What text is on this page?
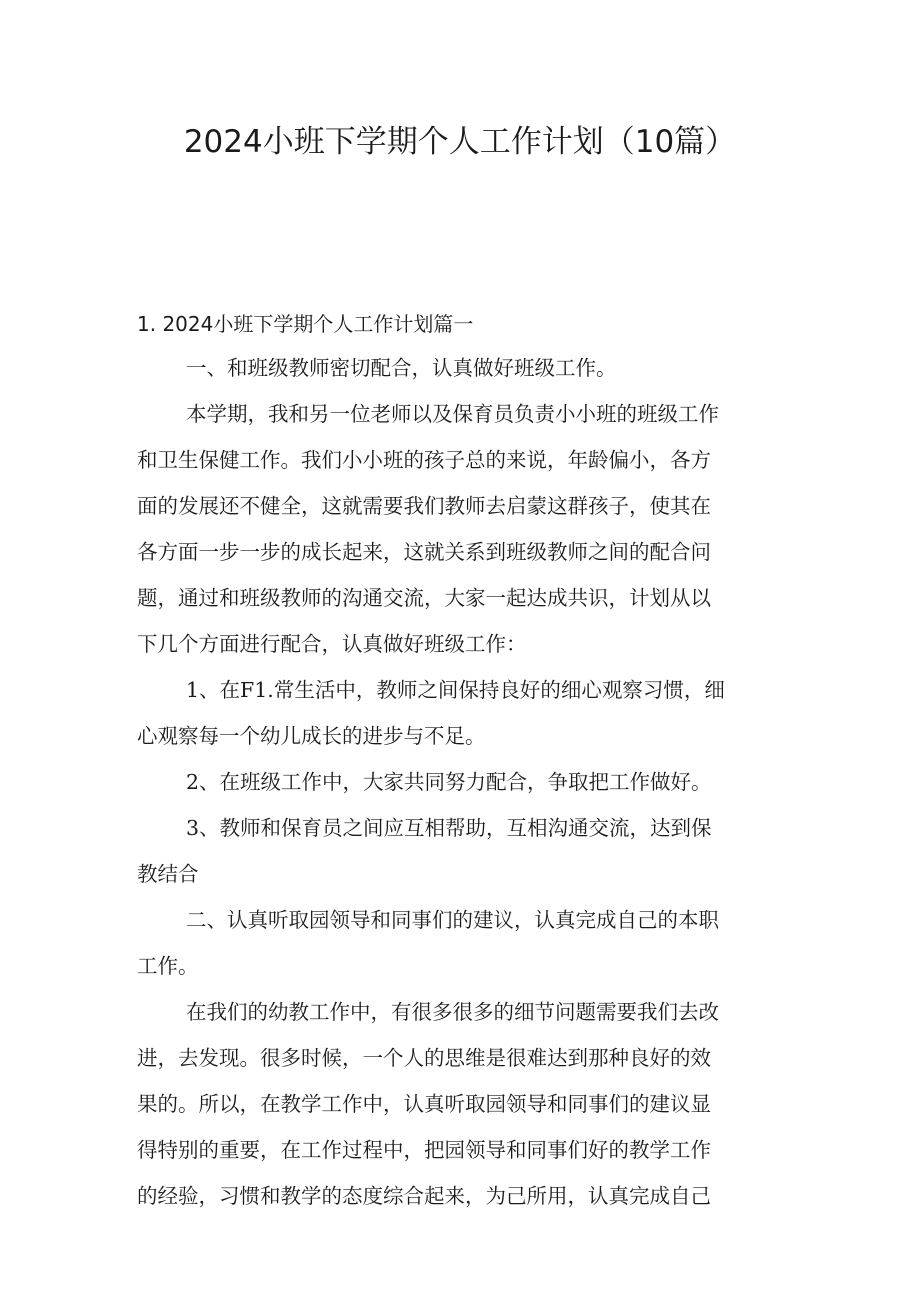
2024小班下学期个人工作计划（10篇）
1. 2024小班下学期个人工作计划篇一

一、和班级教师密切配合，认真做好班级工作。

本学期，我和另一位老师以及保育员负责小小班的班级工作
和卫生保健工作。我们小小班的孩子总的来说，年龄偏小，各方
面的发展还不健全，这就需要我们教师去启蒙这群孩子，使其在
各方面一步一步的成长起来，这就关系到班级教师之间的配合问
题，通过和班级教师的沟通交流，大家一起达成共识，计划从以
下几个方面进行配合，认真做好班级工作：

1、在F1.常生活中，教师之间保持良好的细心观察习惯，细
心观察每一个幼儿成长的进步与不足。

2、在班级工作中，大家共同努力配合，争取把工作做好。

3、教师和保育员之间应互相帮助，互相沟通交流，达到保
教结合

二、认真听取园领导和同事们的建议，认真完成自己的本职
工作。

在我们的幼教工作中，有很多很多的细节问题需要我们去改
进，去发现。很多时候，一个人的思维是很难达到那种良好的效
果的。所以，在教学工作中，认真听取园领导和同事们的建议显
得特别的重要，在工作过程中，把园领导和同事们好的教学工作
的经验，习惯和教学的态度综合起来，为己所用，认真完成自己
